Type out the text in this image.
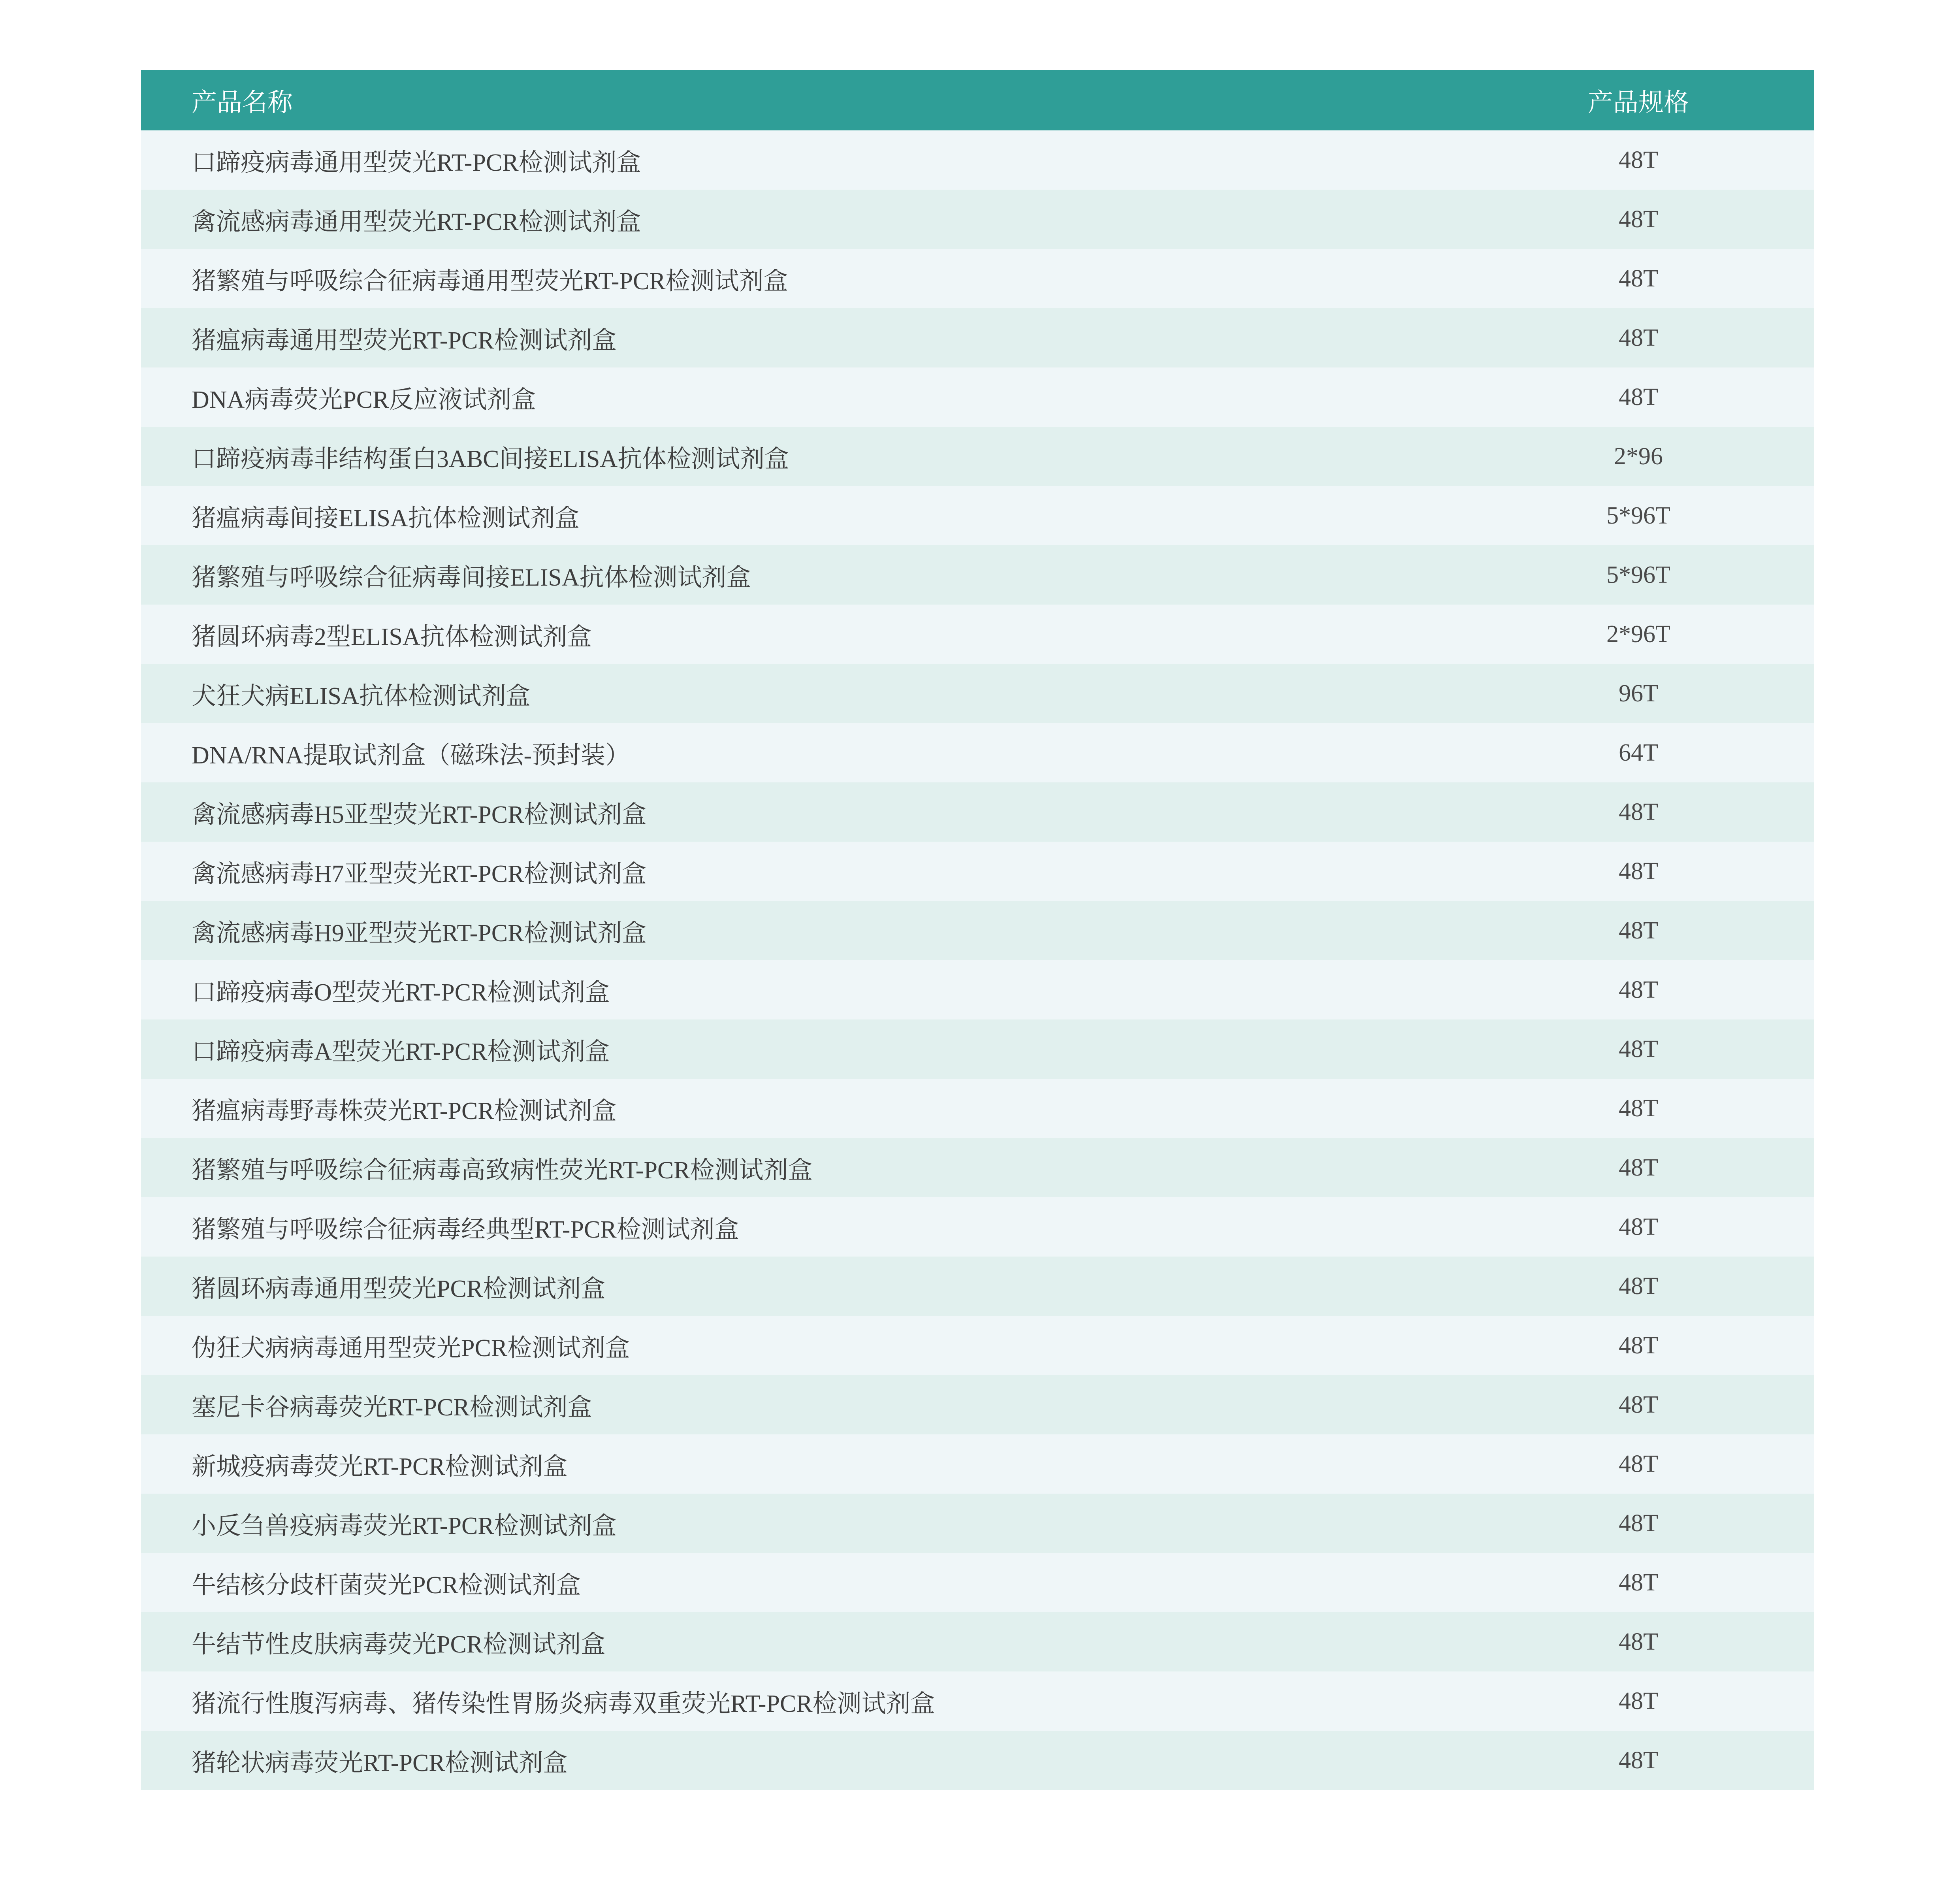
产品名称	产品规格
口蹄疫病毒通用型荧光RT-PCR检测试剂盒	48T
禽流感病毒通用型荧光RT-PCR检测试剂盒	48T
猪繁殖与呼吸综合征病毒通用型荧光RT-PCR检测试剂盒	48T
猪瘟病毒通用型荧光RT-PCR检测试剂盒	48T
DNA病毒荧光PCR反应液试剂盒	48T
口蹄疫病毒非结构蛋白3ABC间接ELISA抗体检测试剂盒	2*96
猪瘟病毒间接ELISA抗体检测试剂盒	5*96T
猪繁殖与呼吸综合征病毒间接ELISA抗体检测试剂盒	5*96T
猪圆环病毒2型ELISA抗体检测试剂盒	2*96T
犬狂犬病ELISA抗体检测试剂盒	96T
DNA/RNA提取试剂盒（磁珠法-预封装）	64T
禽流感病毒H5亚型荧光RT-PCR检测试剂盒	48T
禽流感病毒H7亚型荧光RT-PCR检测试剂盒	48T
禽流感病毒H9亚型荧光RT-PCR检测试剂盒	48T
口蹄疫病毒O型荧光RT-PCR检测试剂盒	48T
口蹄疫病毒A型荧光RT-PCR检测试剂盒	48T
猪瘟病毒野毒株荧光RT-PCR检测试剂盒	48T
猪繁殖与呼吸综合征病毒高致病性荧光RT-PCR检测试剂盒	48T
猪繁殖与呼吸综合征病毒经典型RT-PCR检测试剂盒	48T
猪圆环病毒通用型荧光PCR检测试剂盒	48T
伪狂犬病病毒通用型荧光PCR检测试剂盒	48T
塞尼卡谷病毒荧光RT-PCR检测试剂盒	48T
新城疫病毒荧光RT-PCR检测试剂盒	48T
小反刍兽疫病毒荧光RT-PCR检测试剂盒	48T
牛结核分歧杆菌荧光PCR检测试剂盒	48T
牛结节性皮肤病毒荧光PCR检测试剂盒	48T
猪流行性腹泻病毒、猪传染性胃肠炎病毒双重荧光RT-PCR检测试剂盒	48T
猪轮状病毒荧光RT-PCR检测试剂盒	48T
